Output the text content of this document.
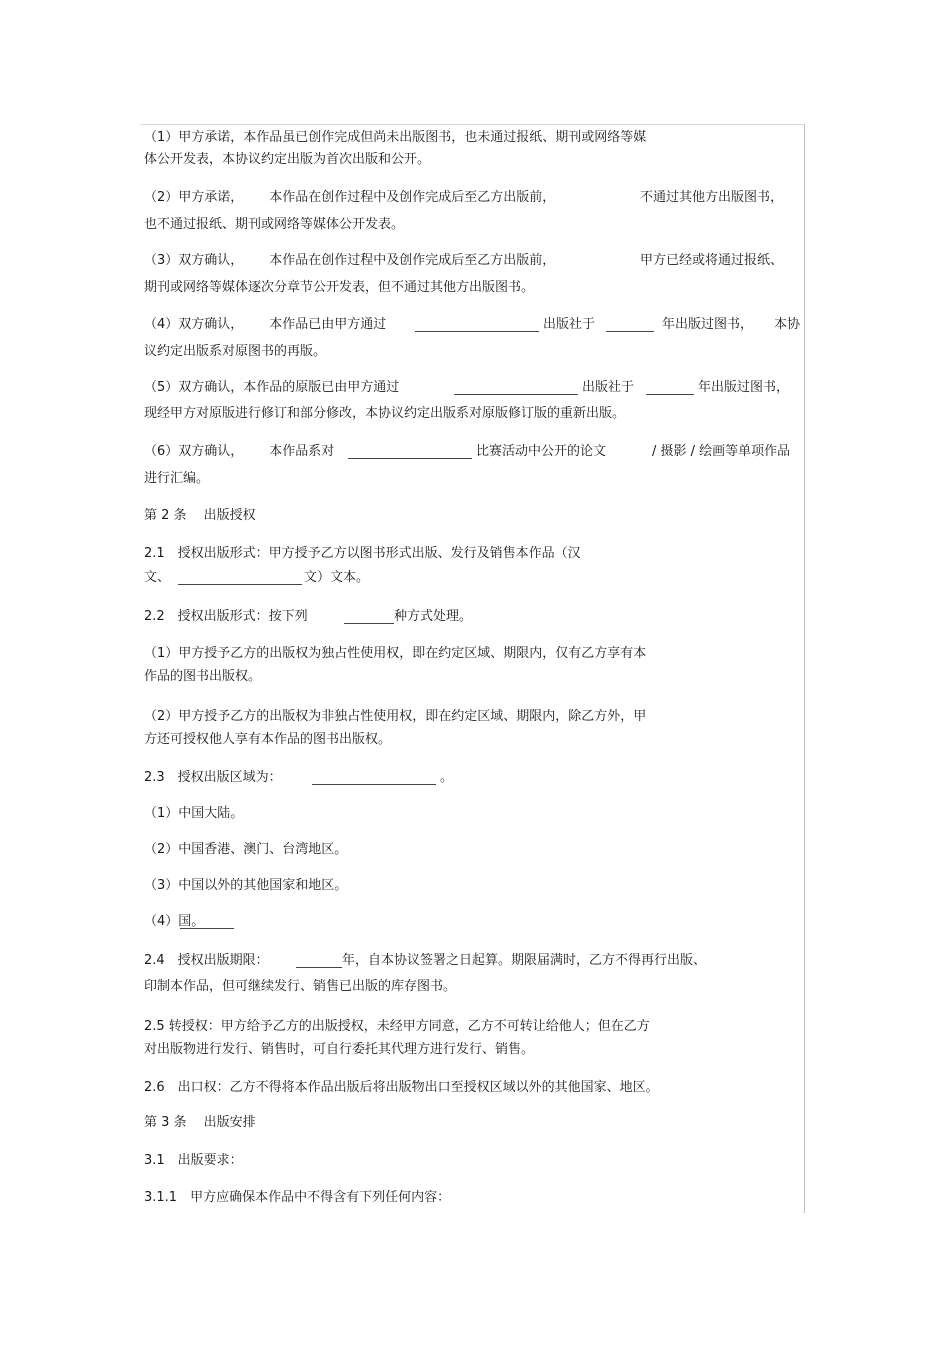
（1）甲方承诺，本作品虽已创作完成但尚未出版图书，也未通过报纸、期刊或网络等媒
体公开发表，本协议约定出版为首次出版和公开。
（2）甲方承诺， 本作品在创作过程中及创作完成后至乙方出版前，	不通过其他方出版图书，
也不通过报纸、期刊或网络等媒体公开发表。
（3）双方确认， 本作品在创作过程中及创作完成后至乙方出版前，	甲方已经或将通过报纸、
期刊或网络等媒体逐次分章节公开发表，但不通过其他方出版图书。
（4）双方确认， 本作品已由甲方通过	出版社于	年出版过图书， 本协
议约定出版系对原图书的再版。
（5）双方确认，本作品的原版已由甲方通过	出版社于	年出版过图书，
现经甲方对原版进行修订和部分修改，本协议约定出版系对原版修订版的重新出版。
（6）双方确认， 本作品系对	比赛活动中公开的论文	/ 摄影 / 绘画等单项作品
进行汇编。
第 2 条　 出版授权
2.1　授权出版形式：甲方授予乙方以图书形式出版、发行及销售本作品（汉
文、	文）文本。
2.2　授权出版形式：按下列	种方式处理。
（1）甲方授予乙方的出版权为独占性使用权，即在约定区域、期限内，仅有乙方享有本
作品的图书出版权。
（2）甲方授予乙方的出版权为非独占性使用权，即在约定区域、期限内，除乙方外，甲
方还可授权他人享有本作品的图书出版权。
2.3　授权出版区域为：	。
（1）中国大陆。
（2）中国香港、澳门、台湾地区。
（3）中国以外的其他国家和地区。
（4）国。
2.4　授权出版期限：	年，自本协议签署之日起算。期限届满时，乙方不得再行出版、
印制本作品，但可继续发行、销售已出版的库存图书。
2.5 转授权：甲方给予乙方的出版授权，未经甲方同意，乙方不可转让给他人；但在乙方
对出版物进行发行、销售时，可自行委托其代理方进行发行、销售。
2.6　出口权：乙方不得将本作品出版后将出版物出口至授权区域以外的其他国家、地区。
第 3 条　 出版安排
3.1　出版要求：
3.1.1　甲方应确保本作品中不得含有下列任何内容：
